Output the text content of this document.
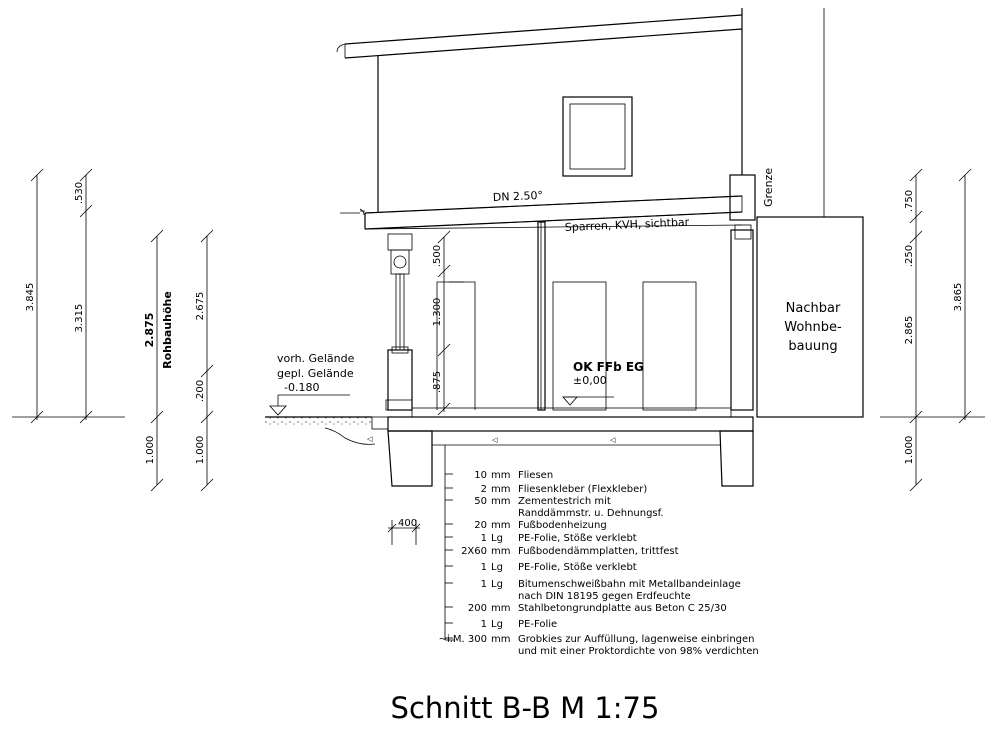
Nachbar
Wohnbe-
bauung
DN 2.50°
Sparren, KVH, sichtbar
Grenze
◁	◁
◁
vorh. Gelände
gepl. Gelände
-0.180
OK FFb EG
±0,00
3.845
.530
3.315	2.875 Rohbauhöhe
1.000
2.675
.200
1.000
.500
1.300
.875
.750
.250
2.865
1.000
3.865
400
10 mm Fliesen
2 mm Fliesenkleber (Flexkleber)
50 mm Zementestrich mit
Randdämmstr. u. Dehnungsf.
20 mm Fußbodenheizung
1 Lg PE-Folie, Stöße verklebt
2X60 mm Fußbodendämmplatten, trittfest
1 Lg PE-Folie, Stöße verklebt
1 Lg Bitumenschweißbahn mit Metallbandeinlage
nach DIN 18195 gegen Erdfeuchte
200 mm Stahlbetongrundplatte aus Beton C 25/30
1 Lg PE-Folie
~i.M. 300 mm Grobkies zur Auffüllung, lagenweise einbringen
und mit einer Proktordichte von 98% verdichten
Schnitt B-B M 1:75
